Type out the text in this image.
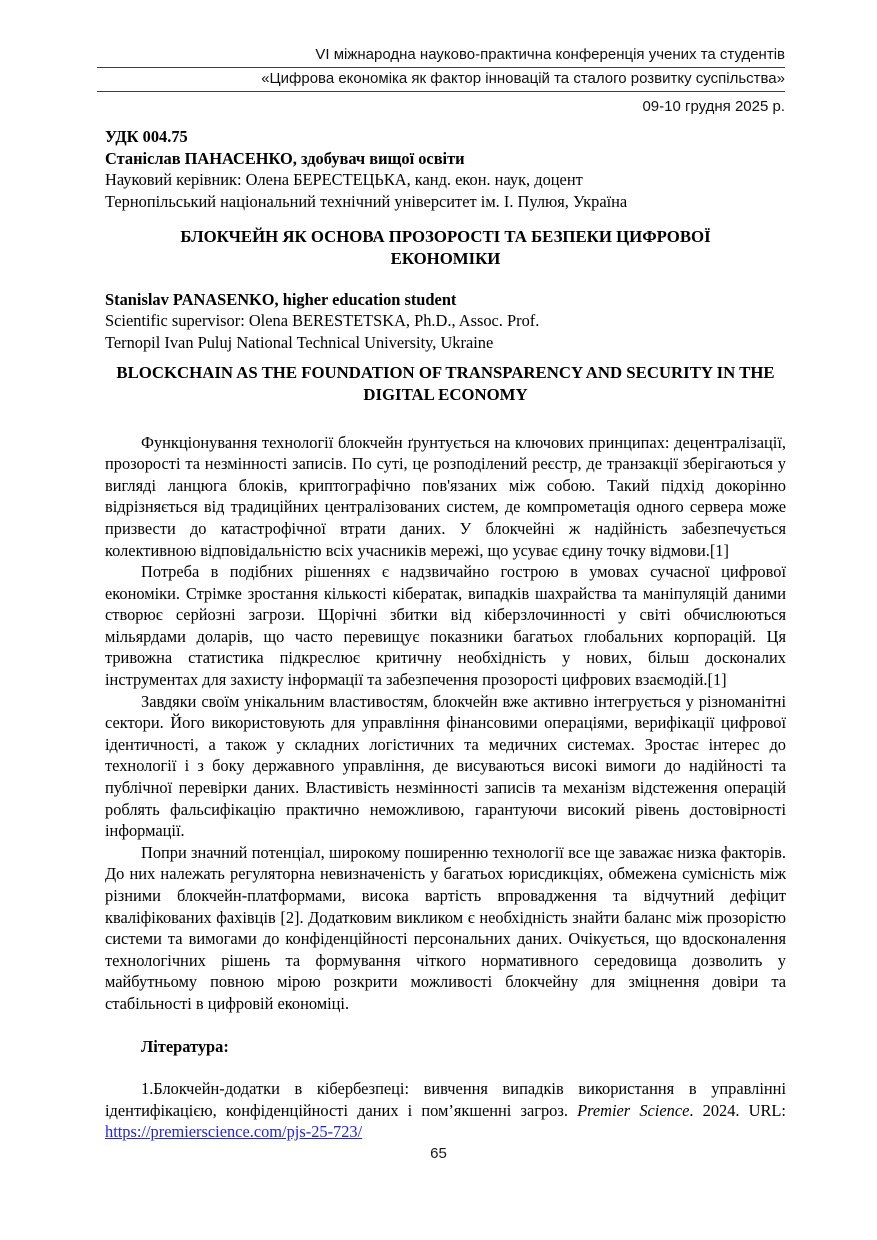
VI міжнародна науково-практична конференція учених та студентів
«Цифрова економіка як фактор інновацій та сталого розвитку суспільства»
09-10 грудня 2025 р.
УДК 004.75
Станіслав ПАНАСЕНКО, здобувач вищої освіти
Науковий керівник: Олена БЕРЕСТЕЦЬКА, канд. екон. наук, доцент
Тернопільський національний технічний університет ім. І. Пулюя, Україна
БЛОКЧЕЙН ЯК ОСНОВА ПРОЗОРОСТІ ТА БЕЗПЕКИ ЦИФРОВОЇ ЕКОНОМІКИ
Stanislav PANASENKO, higher education student
Scientific supervisor: Olena BERESTETSKA, Ph.D., Assoc. Prof.
Ternopil Ivan Puluj National Technical University, Ukraine
BLOCKCHAIN AS THE FOUNDATION OF TRANSPARENCY AND SECURITY IN THE DIGITAL ECONOMY

Функціонування технології блокчейн ґрунтується на ключових принципах: децентралізації, прозорості та незмінності записів. По суті, це розподілений реєстр, де транзакції зберігаються у вигляді ланцюга блоків, криптографічно пов'язаних між собою. Такий підхід докорінно відрізняється від традиційних централізованих систем, де компрометація одного сервера може призвести до катастрофічної втрати даних. У блокчейні ж надійність забезпечується колективною відповідальністю всіх учасників мережі, що усуває єдину точку відмови.[1]

Потреба в подібних рішеннях є надзвичайно гострою в умовах сучасної цифрової економіки. Стрімке зростання кількості кібератак, випадків шахрайства та маніпуляцій даними створює серйозні загрози. Щорічні збитки від кіберзлочинності у світі обчислюються мільярдами доларів, що часто перевищує показники багатьох глобальних корпорацій. Ця тривожна статистика підкреслює критичну необхідність у нових, більш досконалих інструментах для захисту інформації та забезпечення прозорості цифрових взаємодій.[1]

Завдяки своїм унікальним властивостям, блокчейн вже активно інтегрується у різноманітні сектори. Його використовують для управління фінансовими операціями, верифікації цифрової ідентичності, а також у складних логістичних та медичних системах. Зростає інтерес до технології і з боку державного управління, де висуваються високі вимоги до надійності та публічної перевірки даних. Властивість незмінності записів та механізм відстеження операцій роблять фальсифікацію практично неможливою, гарантуючи високий рівень достовірності інформації.

Попри значний потенціал, широкому поширенню технології все ще заважає низка факторів. До них належать регуляторна невизначеність у багатьох юрисдикціях, обмежена сумісність між різними блокчейн-платформами, висока вартість впровадження та відчутний дефіцит кваліфікованих фахівців [2]. Додатковим викликом є необхідність знайти баланс між прозорістю системи та вимогами до конфіденційності персональних даних. Очікується, що вдосконалення технологічних рішень та формування чіткого нормативного середовища дозволить у майбутньому повною мірою розкрити можливості блокчейну для зміцнення довіри та стабільності в цифровій економіці.

Література:

1.Блокчейн-додатки в кібербезпеці: вивчення випадків використання в управлінні ідентифікацією, конфіденційності даних і пом’якшенні загроз. Premier Science. 2024. URL: https://premierscience.com/pjs-25-723/

65
